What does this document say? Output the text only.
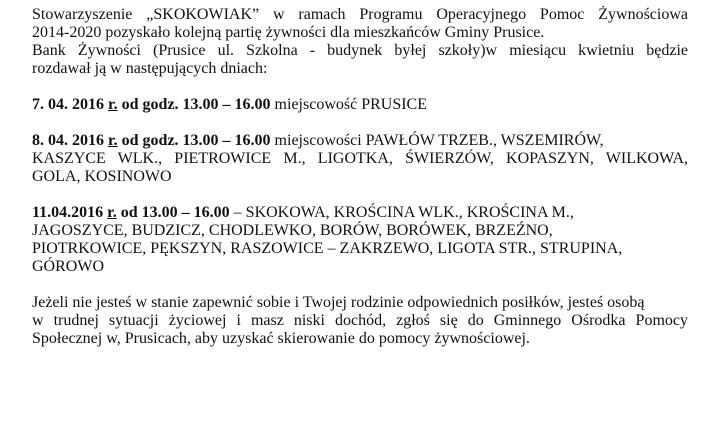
Stowarzyszenie „SKOKOWIAK” w ramach Programu Operacyjnego Pomoc Żywnościowa
2014-2020 pozyskało kolejną partię żywności dla mieszkańców Gminy Prusice.
Bank Żywności (Prusice ul. Szkolna - budynek byłej szkoły)w miesiącu kwietniu będzie
rozdawał ją w następujących dniach:
7. 04. 2016 r. od godz. 13.00 – 16.00 miejscowość PRUSICE
8. 04. 2016 r. od godz. 13.00 – 16.00 miejscowości PAWŁÓW TRZEB., WSZEMIRÓW,
KASZYCE WLK., PIETROWICE M., LIGOTKA, ŚWIERZÓW, KOPASZYN, WILKOWA,
GOLA, KOSINOWO
11.04.2016 r. od 13.00 – 16.00 – SKOKOWA, KROŚCINA WLK., KROŚCINA M.,
JAGOSZYCE, BUDZICZ, CHODLEWKO, BORÓW, BORÓWEK, BRZEŹNO,
PIOTRKOWICE, PĘKSZYN, RASZOWICE – ZAKRZEWO, LIGOTA STR., STRUPINA,
GÓROWO
Jeżeli nie jesteś w stanie zapewnić sobie i Twojej rodzinie odpowiednich posiłków, jesteś osobą
w trudnej sytuacji życiowej i masz niski dochód, zgłoś się do Gminnego Ośrodka Pomocy
Społecznej w, Prusicach, aby uzyskać skierowanie do pomocy żywnościowej.
